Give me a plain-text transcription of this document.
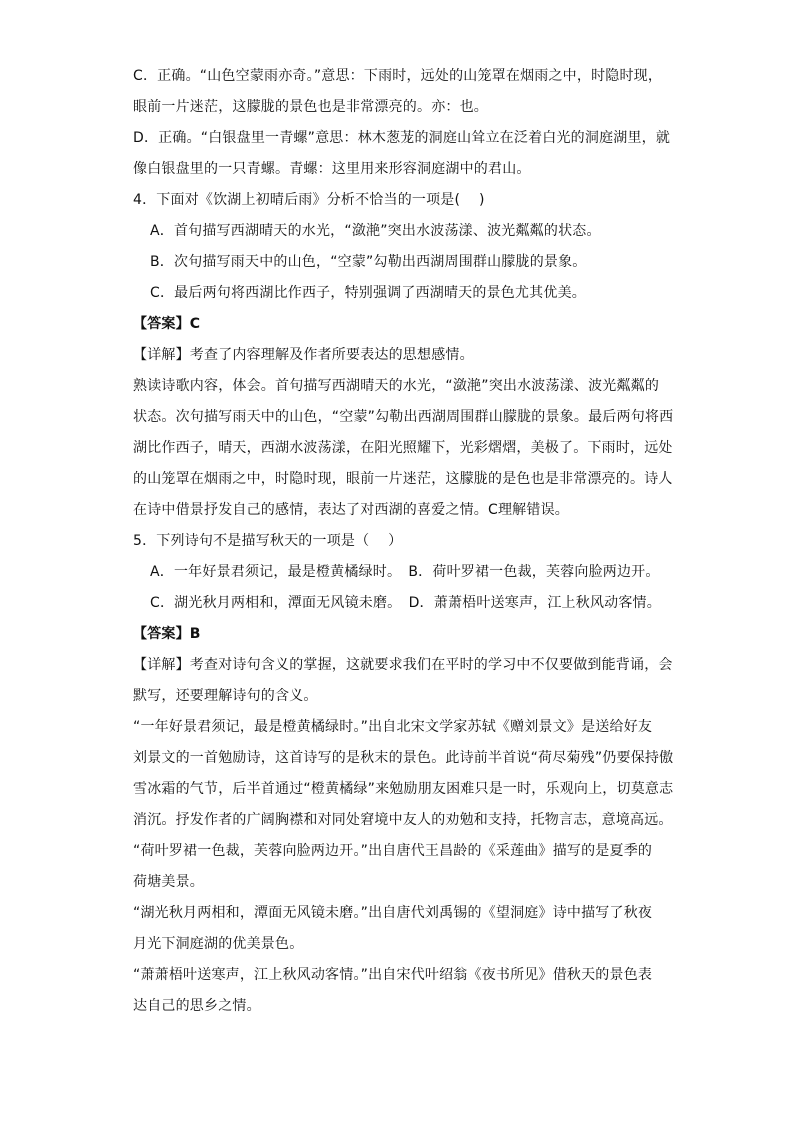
C．正确。“山色空蒙雨亦奇。”意思：下雨时，远处的山笼罩在烟雨之中，时隐时现，
眼前一片迷茫，这朦胧的景色也是非常漂亮的。亦：也。
D．正确。“白银盘里一青螺”意思：林木葱茏的洞庭山耸立在泛着白光的洞庭湖里，就
像白银盘里的一只青螺。青螺：这里用来形容洞庭湖中的君山。
4．下面对《饮湖上初晴后雨》分析不恰当的一项是(　 )
A．首句描写西湖晴天的水光，“潋滟”突出水波荡漾、波光粼粼的状态。
B．次句描写雨天中的山色，“空蒙”勾勒出西湖周围群山朦胧的景象。
C．最后两句将西湖比作西子，特别强调了西湖晴天的景色尤其优美。
【答案】C
【详解】考查了内容理解及作者所要表达的思想感情。
熟读诗歌内容，体会。首句描写西湖晴天的水光，“潋滟”突出水波荡漾、波光粼粼的
状态。次句描写雨天中的山色，“空蒙”勾勒出西湖周围群山朦胧的景象。最后两句将西
湖比作西子，晴天，西湖水波荡漾，在阳光照耀下，光彩熠熠，美极了。下雨时，远处
的山笼罩在烟雨之中，时隐时现，眼前一片迷茫，这朦胧的是色也是非常漂亮的。诗人
在诗中借景抒发自己的感情，表达了对西湖的喜爱之情。C理解错误。
5．下列诗句不是描写秋天的一项是（　 ）
A．一年好景君须记，最是橙黄橘绿时。　B．荷叶罗裙一色裁，芙蓉向脸两边开。
C．湖光秋月两相和，潭面无风镜未磨。　D．萧萧梧叶送寒声，江上秋风动客情。
【答案】B
【详解】考查对诗句含义的掌握，这就要求我们在平时的学习中不仅要做到能背诵，会
默写，还要理解诗句的含义。
“一年好景君须记，最是橙黄橘绿时。”出自北宋文学家苏轼《赠刘景文》是送给好友
刘景文的一首勉励诗，这首诗写的是秋末的景色。此诗前半首说“荷尽菊残”仍要保持傲
雪冰霜的气节，后半首通过“橙黄橘绿”来勉励朋友困难只是一时，乐观向上，切莫意志
消沉。抒发作者的广阔胸襟和对同处窘境中友人的劝勉和支持，托物言志，意境高远。
“荷叶罗裙一色裁，芙蓉向脸两边开。”出自唐代王昌龄的《采莲曲》描写的是夏季的
荷塘美景。
“湖光秋月两相和，潭面无风镜未磨。”出自唐代刘禹锡的《望洞庭》诗中描写了秋夜
月光下洞庭湖的优美景色。
“萧萧梧叶送寒声，江上秋风动客情。”出自宋代叶绍翁《夜书所见》借秋天的景色表
达自己的思乡之情。
